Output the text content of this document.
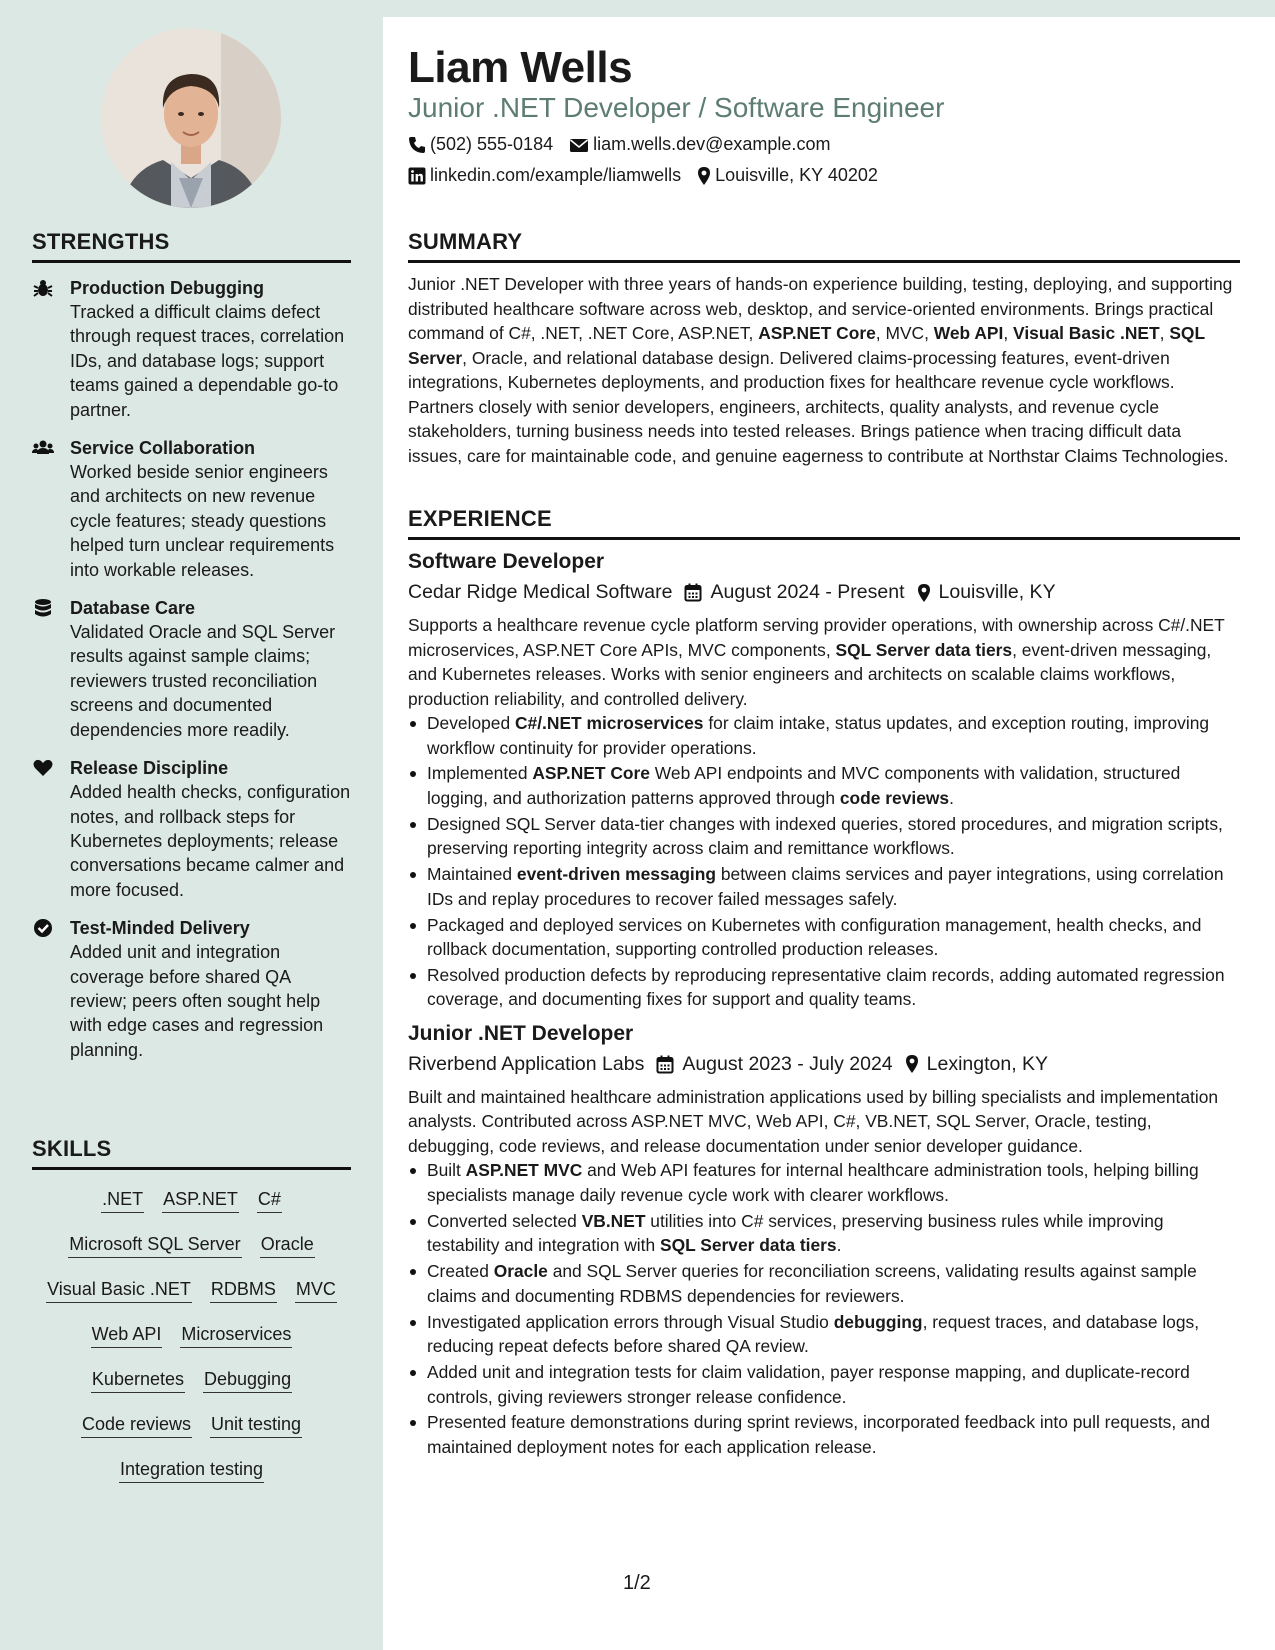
STRENGTHS
Production Debugging
Tracked a difficult claims defect through request traces, correlation IDs, and database logs; support teams gained a dependable go-to partner.
Service Collaboration
Worked beside senior engineers and architects on new revenue cycle features; steady questions helped turn unclear requirements into workable releases.
Database Care
Validated Oracle and SQL Server results against sample claims; reviewers trusted reconciliation screens and documented dependencies more readily.
Release Discipline
Added health checks, configuration notes, and rollback steps for Kubernetes deployments; release conversations became calmer and more focused.
Test-Minded Delivery
Added unit and integration coverage before shared QA review; peers often sought help with edge cases and regression planning.
SKILLS
.NET ASP.NET C#
Microsoft SQL Server Oracle
Visual Basic .NET RDBMS MVC
Web API Microservices
Kubernetes Debugging
Code reviews Unit testing
Integration testing
Liam Wells
Junior .NET Developer / Software Engineer
(502) 555-0184 liam.wells.dev@example.com
linkedin.com/example/liamwells Louisville, KY 40202
SUMMARY

Junior .NET Developer with three years of hands-on experience building, testing, deploying, and supporting distributed healthcare software across web, desktop, and service-oriented environments. Brings practical command of C#, .NET, .NET Core, ASP.NET, ASP.NET Core, MVC, Web API, Visual Basic .NET, SQL Server, Oracle, and relational database design. Delivered claims-processing features, event-driven integrations, Kubernetes deployments, and production fixes for healthcare revenue cycle workflows. Partners closely with senior developers, engineers, architects, quality analysts, and revenue cycle stakeholders, turning business needs into tested releases. Brings patience when tracing difficult data issues, care for maintainable code, and genuine eagerness to contribute at Northstar Claims Technologies.

EXPERIENCE
Software Developer
Cedar Ridge Medical Software August 2024 - Present Louisville, KY

Supports a healthcare revenue cycle platform serving provider operations, with ownership across C#/.NET microservices, ASP.NET Core APIs, MVC components, SQL Server data tiers, event-driven messaging, and Kubernetes releases. Works with senior engineers and architects on scalable claims workflows, production reliability, and controlled delivery.

Developed C#/.NET microservices for claim intake, status updates, and exception routing, improving workflow continuity for provider operations.
Implemented ASP.NET Core Web API endpoints and MVC components with validation, structured logging, and authorization patterns approved through code reviews.
Designed SQL Server data-tier changes with indexed queries, stored procedures, and migration scripts, preserving reporting integrity across claim and remittance workflows.
Maintained event-driven messaging between claims services and payer integrations, using correlation IDs and replay procedures to recover failed messages safely.
Packaged and deployed services on Kubernetes with configuration management, health checks, and rollback documentation, supporting controlled production releases.
Resolved production defects by reproducing representative claim records, adding automated regression coverage, and documenting fixes for support and quality teams.
Junior .NET Developer
Riverbend Application Labs August 2023 - July 2024 Lexington, KY

Built and maintained healthcare administration applications used by billing specialists and implementation analysts. Contributed across ASP.NET MVC, Web API, C#, VB.NET, SQL Server, Oracle, testing, debugging, code reviews, and release documentation under senior developer guidance.

Built ASP.NET MVC and Web API features for internal healthcare administration tools, helping billing specialists manage daily revenue cycle work with clearer workflows.
Converted selected VB.NET utilities into C# services, preserving business rules while improving testability and integration with SQL Server data tiers.
Created Oracle and SQL Server queries for reconciliation screens, validating results against sample claims and documenting RDBMS dependencies for reviewers.
Investigated application errors through Visual Studio debugging, request traces, and database logs, reducing repeat defects before shared QA review.
Added unit and integration tests for claim validation, payer response mapping, and duplicate-record controls, giving reviewers stronger release confidence.
Presented feature demonstrations during sprint reviews, incorporated feedback into pull requests, and maintained deployment notes for each application release.
1/2
